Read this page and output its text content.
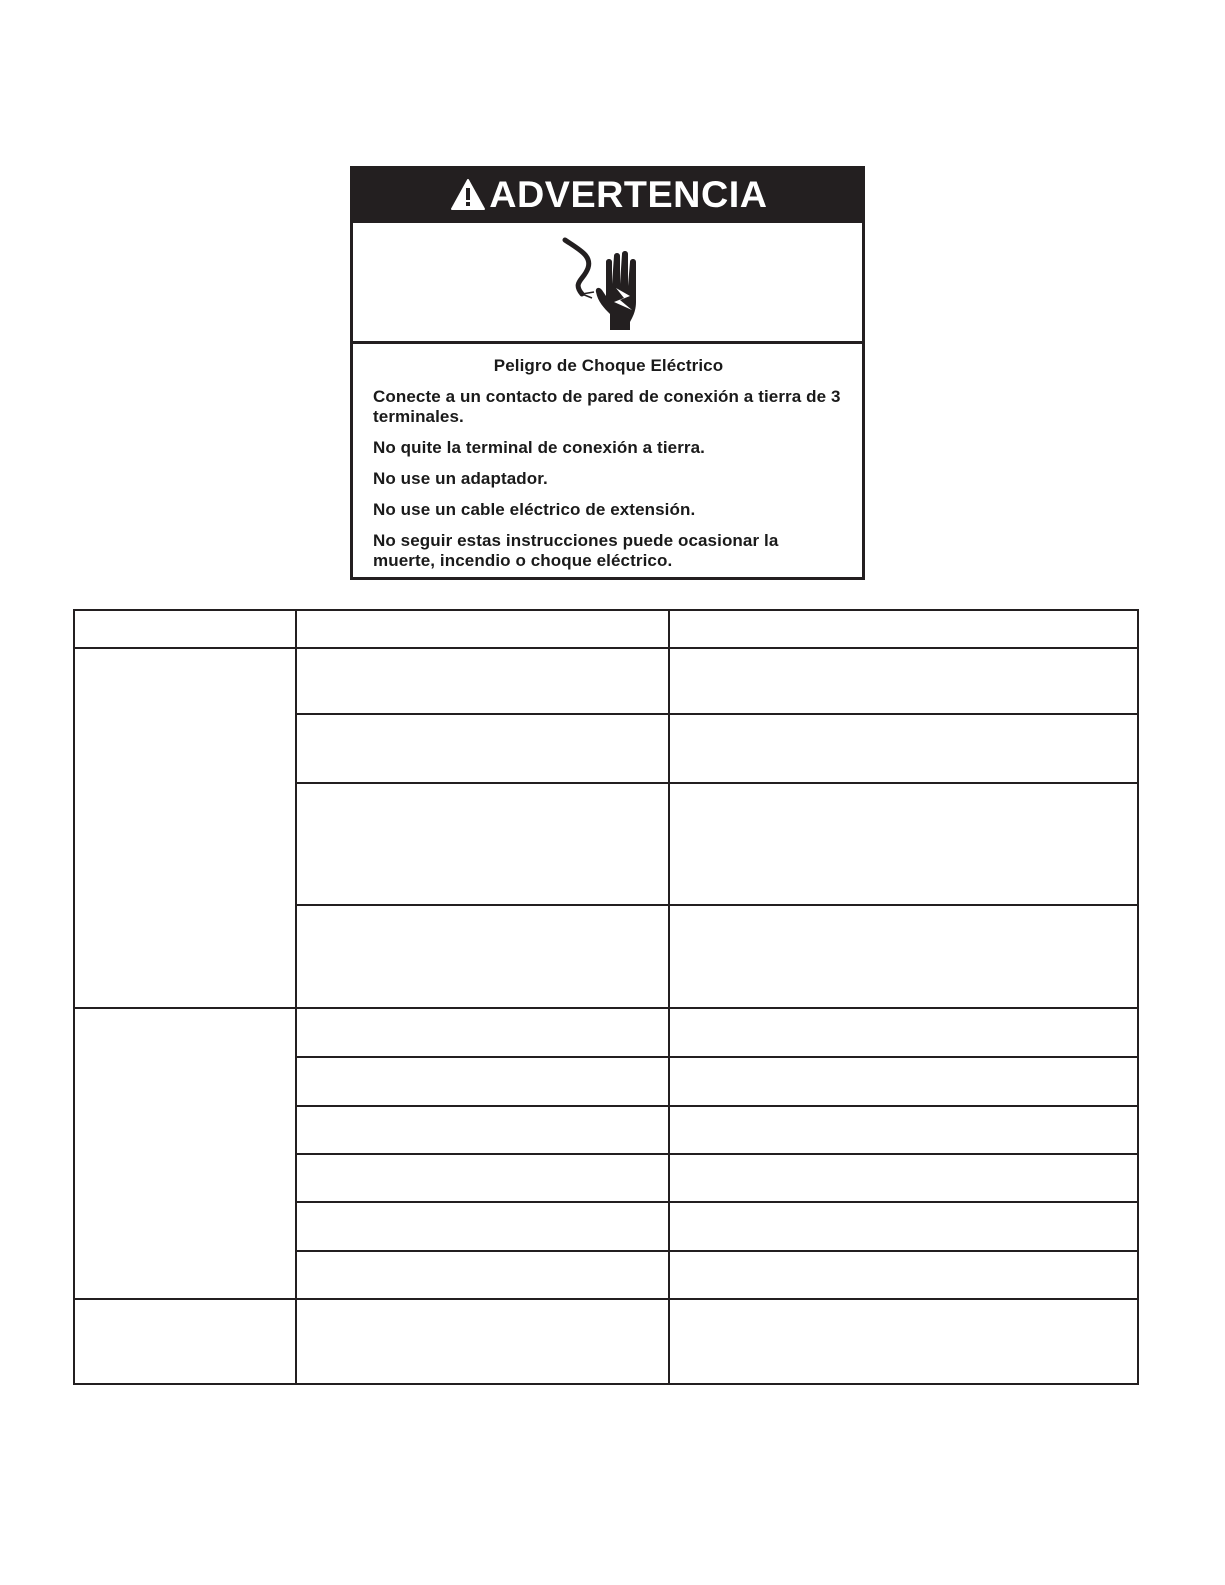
ADVERTENCIA
Peligro de Choque Eléctrico
Conecte a un contacto de pared de conexión a tierra de 3 terminales.
No quite la terminal de conexión a tierra.
No use un adaptador.
No use un cable eléctrico de extensión.
No seguir estas instrucciones puede ocasionar la muerte, incendio o choque eléctrico.
